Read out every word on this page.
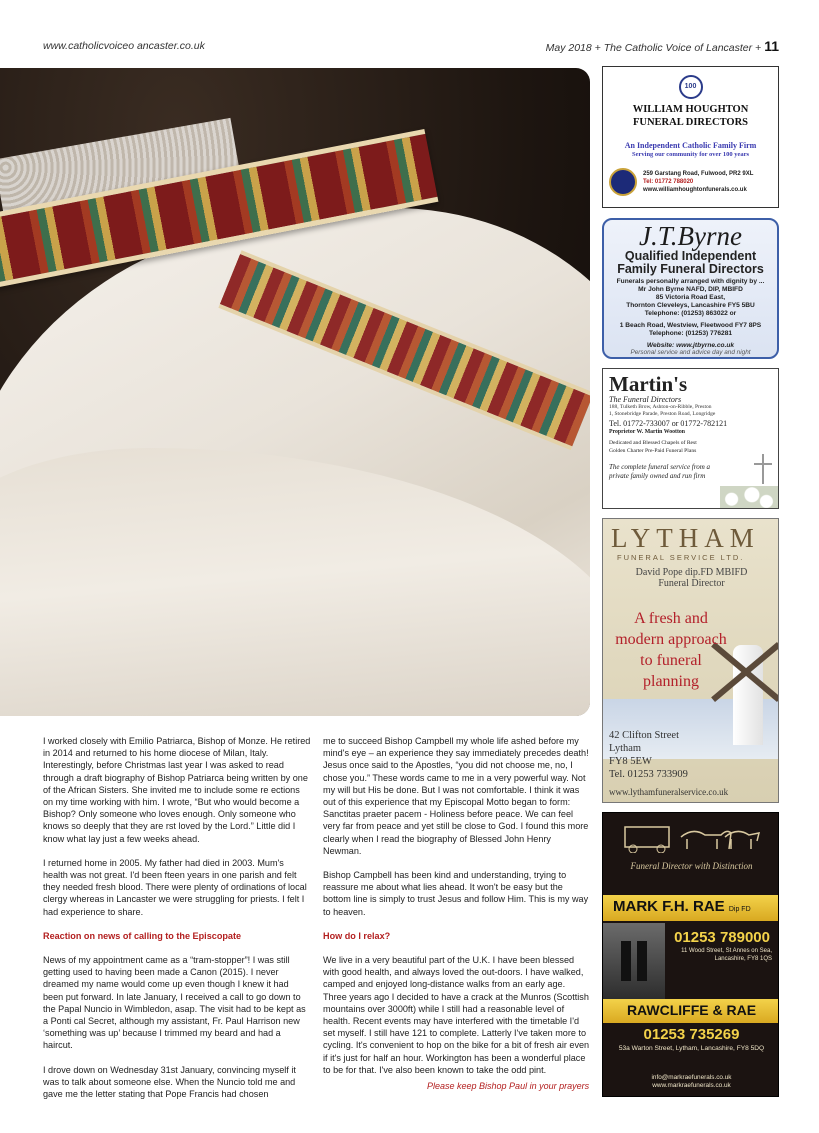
www.catholicvoiceo ancaster.co.uk	May 2018 + The Catholic Voice of Lancaster + 11

I worked closely with Emilio Patriarca, Bishop of Monze. He retired in 2014 and returned to his home diocese of Milan, Italy. Interestingly, before Christmas last year I was asked to read through a draft biography of Bishop Patriarca being written by one of the African Sisters. She invited me to include some re ections on my time working with him. I wrote, “But who would become a Bishop? Only someone who loves enough. Only someone who knows so deeply that they are rst loved by the Lord.” Little did I know what lay just a few weeks ahead.

I returned home in 2005. My father had died in 2003. Mum's health was not great. I'd been fteen years in one parish and felt they needed fresh blood. There were plenty of ordinations of local clergy whereas in Lancaster we were struggling for priests. I felt I had experience to share.

Reaction on news of calling to the Episcopate

News of my appointment came as a “tram-stopper”! I was still getting used to having been made a Canon (2015). I never dreamed my name would come up even though I knew it had been put forward. In late January, I received a call to go down to the Papal Nuncio in Wimbledon, asap. The visit had to be kept as a Ponti cal Secret, although my assistant, Fr. Paul Harrison new ‘something was up’ because I trimmed my beard and had a haircut.

I drove down on Wednesday 31st January, convincing myself it was to talk about someone else. When the Nuncio told me and gave me the letter stating that Pope Francis had chosen

me to succeed Bishop Campbell my whole life ashed before my mind's eye – an experience they say immediately precedes death! Jesus once said to the Apostles, “you did not choose me, no, I chose you.” These words came to me in a very powerful way. Not my will but His be done. But I was not comfortable. I think it was out of this experience that my Episcopal Motto began to form: Sanctitas praeter pacem - Holiness before peace. We can feel very far from peace and yet still be close to God. I found this more clearly when I read the biography of Blessed John Henry Newman.

Bishop Campbell has been kind and understanding, trying to reassure me about what lies ahead. It won't be easy but the bottom line is simply to trust Jesus and follow Him. This is my way to heaven.

How do I relax?

We live in a very beautiful part of the U.K. I have been blessed with good health, and always loved the out-doors. I have walked, camped and enjoyed long-distance walks from an early age. Three years ago I decided to have a crack at the Munros (Scottish mountains over 3000ft) while I still had a reasonable level of health. Recent events may have interfered with the timetable I'd set myself. I still have 121 to complete. Latterly I've taken more to cycling. It's convenient to hop on the bike for a bit of fresh air even if it's just for half an hour. Workington has been a wonderful place to be for that. I've also been known to take the odd pint.

Please keep Bishop Paul in your prayers
100
WILLIAM HOUGHTON
FUNERAL DIRECTORS
An Independent Catholic Family Firm
Serving our community for over 100 years
259 Garstang Road, Fulwood, PR2 9XL
Tel: 01772 788020
www.williamhoughtonfunerals.co.uk
J.T.Byrne
Qualified Independent
Family Funeral Directors
Funerals personally arranged with dignity by ...
Mr John Byrne NAFD, DIP, MBIFD
85 Victoria Road East,
Thornton Cleveleys, Lancashire FY5 5BU
Telephone: (01253) 863022 or
1 Beach Road, Westview, Fleetwood FY7 8PS
Telephone: (01253) 776281
Website: www.jtbyrne.co.uk
Personal service and advice day and night
Martin's
The Funeral Directors
188, Tulketh Brow, Ashton-on-Ribble, Preston
1, Stonebridge Parade, Preston Road, Longridge
Tel. 01772-733007 or 01772-782121
Proprietor W. Martin Wootton
Dedicated and Blessed Chapels of Rest
Golden Charter Pre-Paid Funeral Plans
The complete funeral service from a private family owned and run firm
LYTHAM
FUNERAL SERVICE LTD.
David Pope dip.FD MBIFD
Funeral Director
A fresh and modern approach to funeral planning
42 Clifton Street
Lytham
FY8 5EW
Tel. 01253 733909
www.lythamfuneralservice.co.uk
Funeral Director with Distinction
MARK F.H. RAE Dip FD
01253 789000
11 Wood Street, St Annes on Sea, Lancashire, FY8 1QS
RAWCLIFFE & RAE
01253 735269
53a Warton Street, Lytham, Lancashire, FY8 5DQ
info@markraefunerals.co.uk
www.markraefunerals.co.uk
